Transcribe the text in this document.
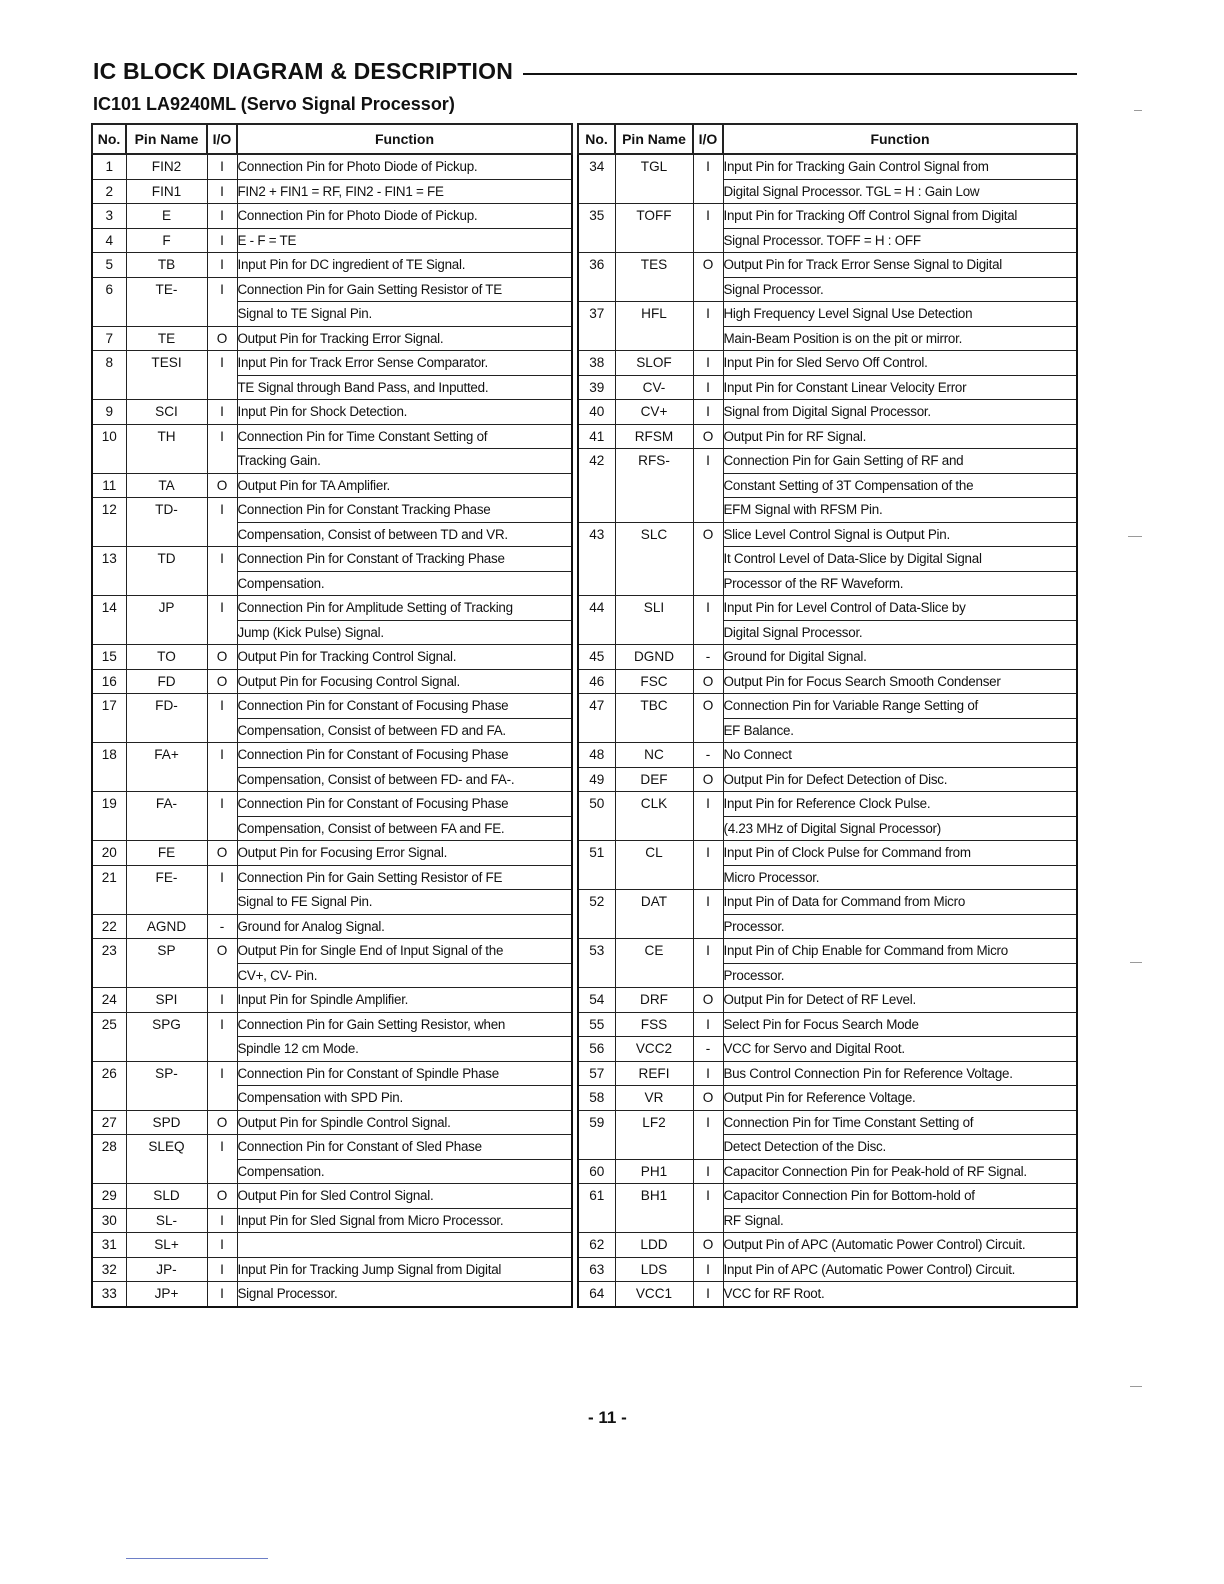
IC BLOCK DIAGRAM & DESCRIPTION
IC101 LA9240ML (Servo Signal Processor)
No.	Pin Name	I/O	Function
1	FIN2	I	Connection Pin for Photo Diode of Pickup.
2	FIN1	I	FIN2 + FIN1 = RF, FIN2 - FIN1 = FE
3	E	I	Connection Pin for Photo Diode of Pickup.
4	F	I	E - F = TE
5	TB	I	Input Pin for DC ingredient of TE Signal.
6	TE-	I	Connection Pin for Gain Setting Resistor of TE
			Signal to TE Signal Pin.
7	TE	O	Output Pin for Tracking Error Signal.
8	TESI	I	Input Pin for Track Error Sense Comparator.
			TE Signal through Band Pass, and Inputted.
9	SCI	I	Input Pin for Shock Detection.
10	TH	I	Connection Pin for Time Constant Setting of
			Tracking Gain.
11	TA	O	Output Pin for TA Amplifier.
12	TD-	I	Connection Pin for Constant Tracking Phase
			Compensation, Consist of between TD and VR.
13	TD	I	Connection Pin for Constant of Tracking Phase
			Compensation.
14	JP	I	Connection Pin for Amplitude Setting of Tracking
			Jump (Kick Pulse) Signal.
15	TO	O	Output Pin for Tracking Control Signal.
16	FD	O	Output Pin for Focusing Control Signal.
17	FD-	I	Connection Pin for Constant of Focusing Phase
			Compensation, Consist of between FD and FA.
18	FA+	I	Connection Pin for Constant of Focusing Phase
			Compensation, Consist of between FD- and FA-.
19	FA-	I	Connection Pin for Constant of Focusing Phase
			Compensation, Consist of between FA and FE.
20	FE	O	Output Pin for Focusing Error Signal.
21	FE-	I	Connection Pin for Gain Setting Resistor of FE
			Signal to FE Signal Pin.
22	AGND	-	Ground for Analog Signal.
23	SP	O	Output Pin for Single End of Input Signal of the
			CV+, CV- Pin.
24	SPI	I	Input Pin for Spindle Amplifier.
25	SPG	I	Connection Pin for Gain Setting Resistor, when
			Spindle 12 cm Mode.
26	SP-	I	Connection Pin for Constant of Spindle Phase
			Compensation with SPD Pin.
27	SPD	O	Output Pin for Spindle Control Signal.
28	SLEQ	I	Connection Pin for Constant of Sled Phase
			Compensation.
29	SLD	O	Output Pin for Sled Control Signal.
30	SL-	I	Input Pin for Sled Signal from Micro Processor.
31	SL+	I	
32	JP-	I	Input Pin for Tracking Jump Signal from Digital
33	JP+	I	Signal Processor.
No.	Pin Name	I/O	Function
34	TGL	I	Input Pin for Tracking Gain Control Signal from
			Digital Signal Processor. TGL = H : Gain Low
35	TOFF	I	Input Pin for Tracking Off Control Signal from Digital
			Signal Processor. TOFF = H : OFF
36	TES	O	Output Pin for Track Error Sense Signal to Digital
			Signal Processor.
37	HFL	I	High Frequency Level Signal Use Detection
			Main-Beam Position is on the pit or mirror.
38	SLOF	I	Input Pin for Sled Servo Off Control.
39	CV-	I	Input Pin for Constant Linear Velocity Error
40	CV+	I	Signal from Digital Signal Processor.
41	RFSM	O	Output Pin for RF Signal.
42	RFS-	I	Connection Pin for Gain Setting of RF and
			Constant Setting of 3T Compensation of the
			EFM Signal with RFSM Pin.
43	SLC	O	Slice Level Control Signal is Output Pin.
			It Control Level of Data-Slice by Digital Signal
			Processor of the RF Waveform.
44	SLI	I	Input Pin for Level Control of Data-Slice by
			Digital Signal Processor.
45	DGND	-	Ground for Digital Signal.
46	FSC	O	Output Pin for Focus Search Smooth Condenser
47	TBC	O	Connection Pin for Variable Range Setting of
			EF Balance.
48	NC	-	No Connect
49	DEF	O	Output Pin for Defect Detection of Disc.
50	CLK	I	Input Pin for Reference Clock Pulse.
			(4.23 MHz of Digital Signal Processor)
51	CL	I	Input Pin of Clock Pulse for Command from
			Micro Processor.
52	DAT	I	Input Pin of Data for Command from Micro
			Processor.
53	CE	I	Input Pin of Chip Enable for Command from Micro
			Processor.
54	DRF	O	Output Pin for Detect of RF Level.
55	FSS	I	Select Pin for Focus Search Mode
56	VCC2	-	VCC for Servo and Digital Root.
57	REFI	I	Bus Control Connection Pin for Reference Voltage.
58	VR	O	Output Pin for Reference Voltage.
59	LF2	I	Connection Pin for Time Constant Setting of
			Detect Detection of the Disc.
60	PH1	I	Capacitor Connection Pin for Peak-hold of RF Signal.
61	BH1	I	Capacitor Connection Pin for Bottom-hold of
			RF Signal.
62	LDD	O	Output Pin of APC (Automatic Power Control) Circuit.
63	LDS	I	Input Pin of APC (Automatic Power Control) Circuit.
64	VCC1	I	VCC for RF Root.
- 11 -
